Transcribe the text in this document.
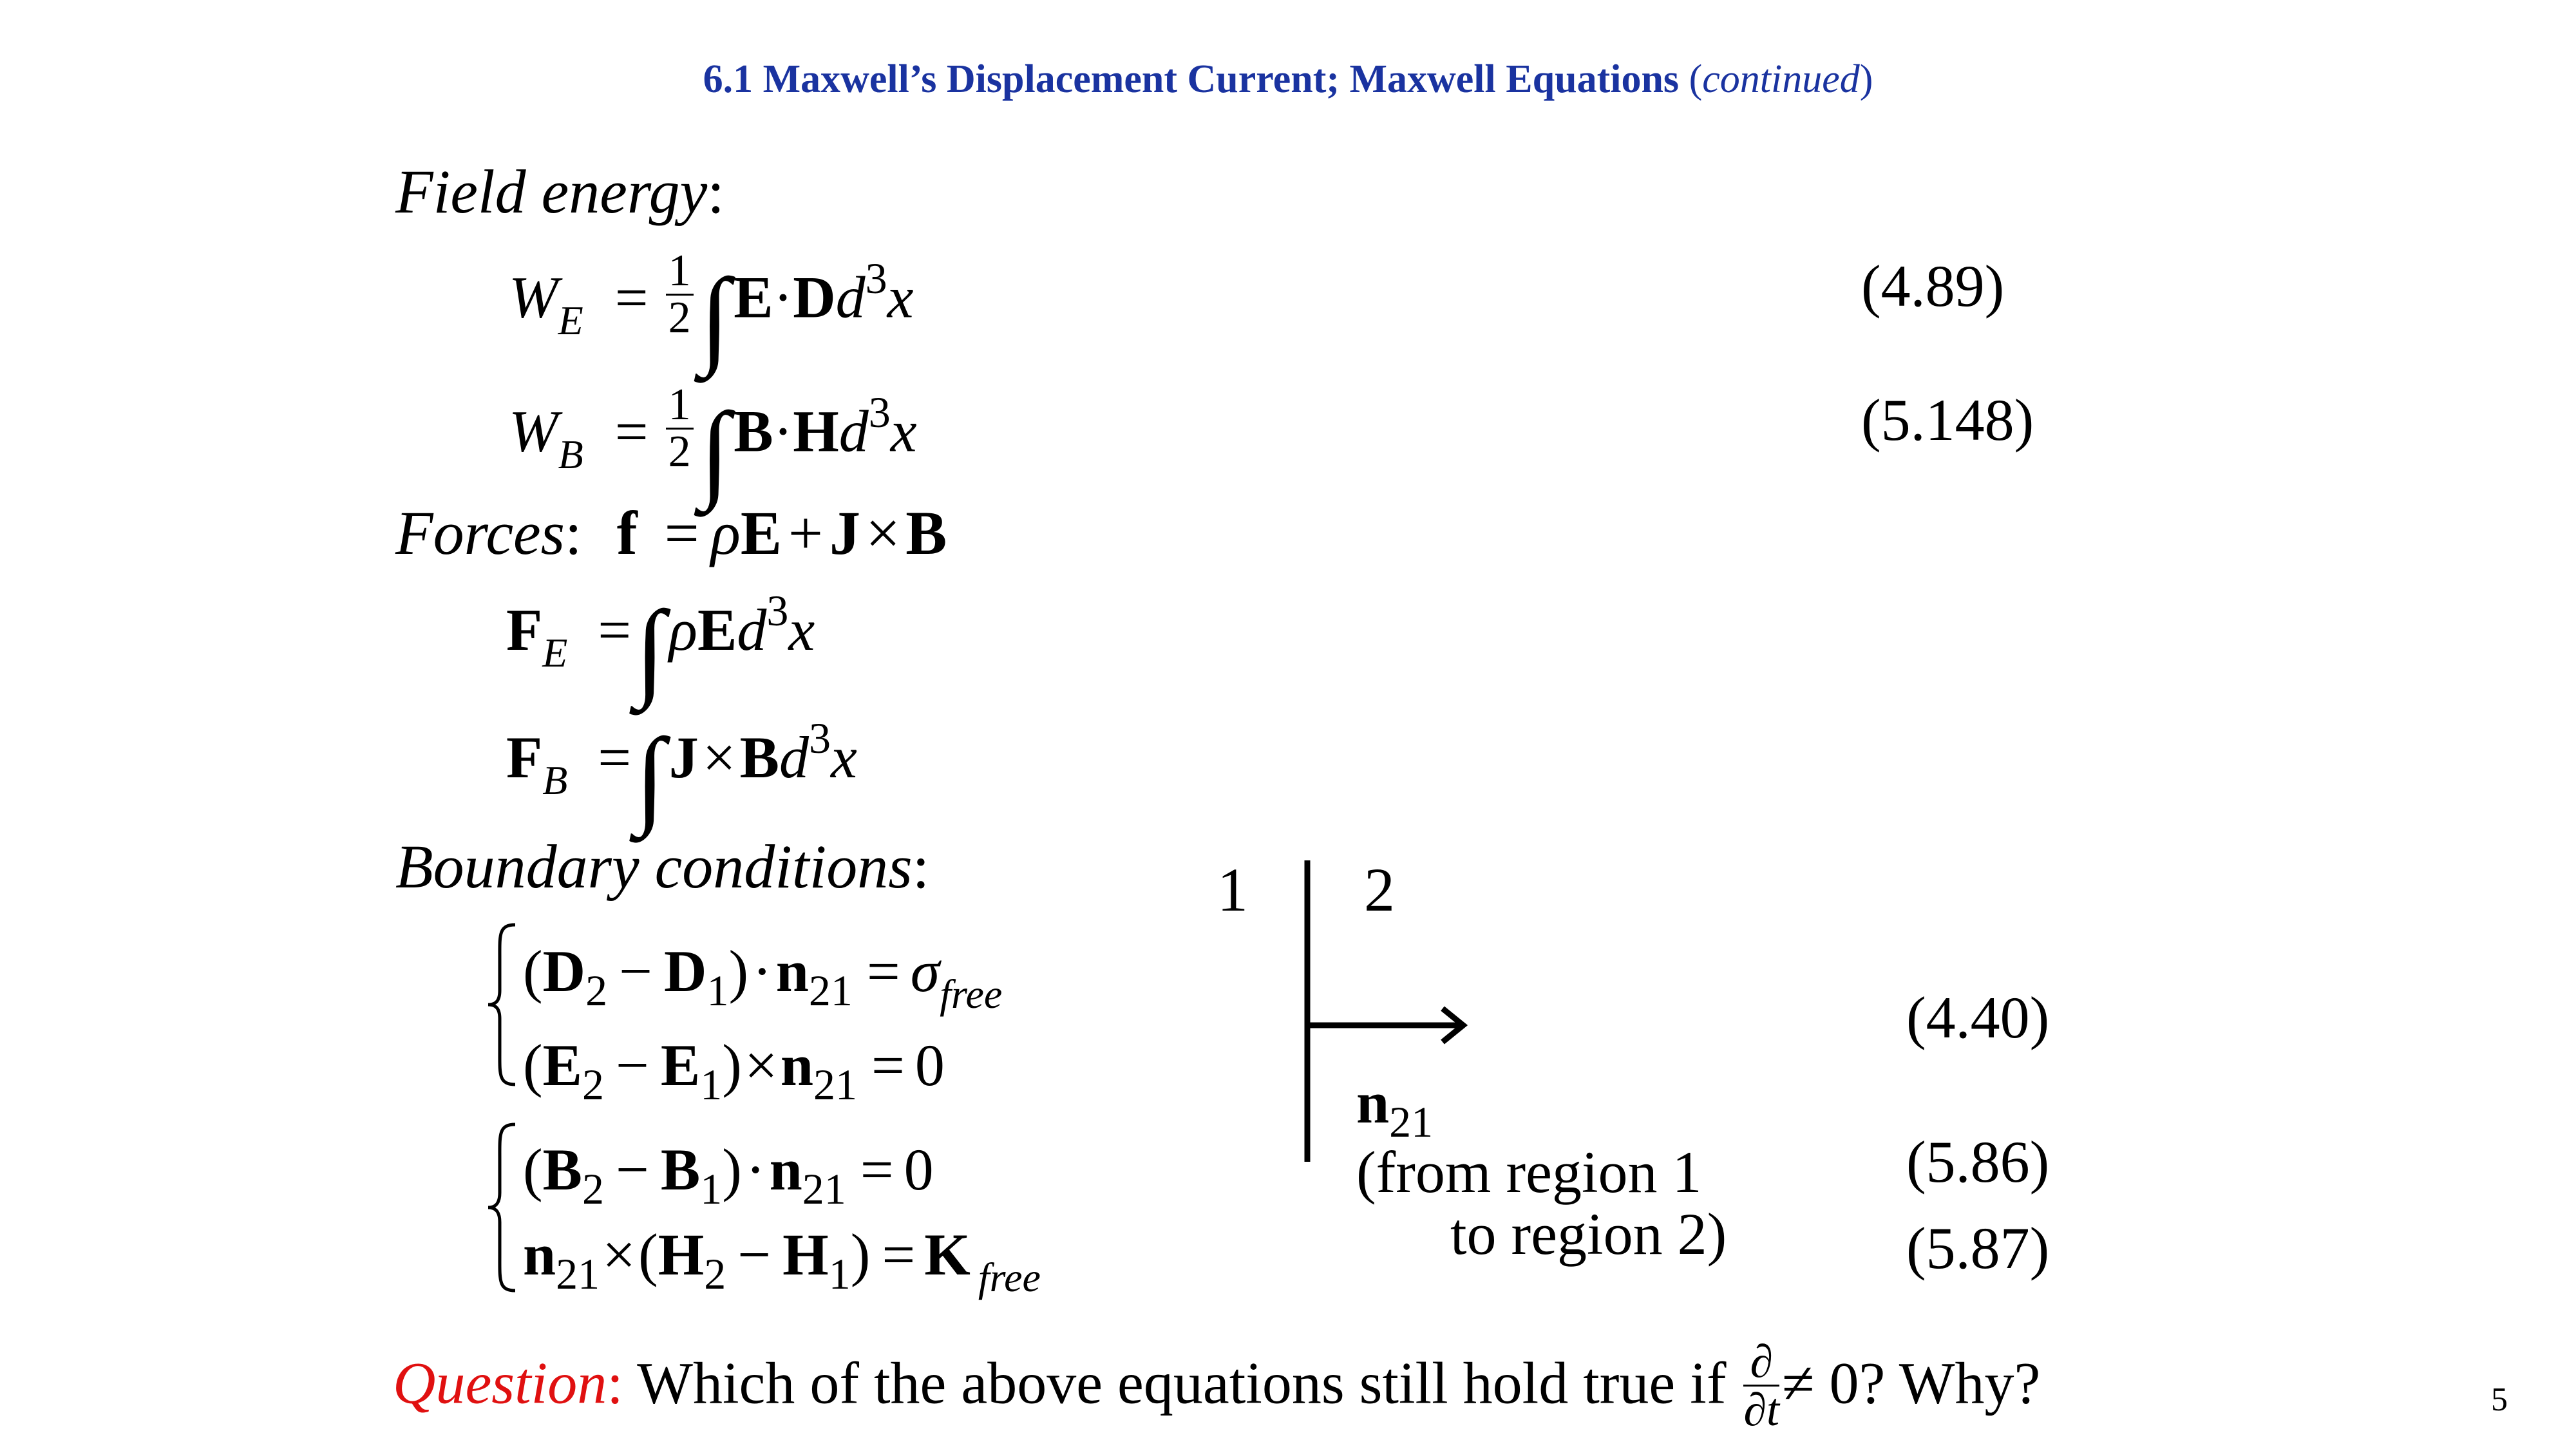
6.1 Maxwell’s Displacement Current; Maxwell Equations (continued)
Field energy:
$W_E = \frac{1}{2} \int E\cdot Dd^3x$	(4.89)
$W_B = \frac{1}{2} \int B\cdot Hd^3x$	(5.148)
Forces: f = ρE + J×B
$F_E =\int\rho Ed^3x$
$F_B =\int J\times Bd^3x$
Boundary conditions:
$(D_2 - D_1)\cdot n_{21} = \sigma_{free}$
$(E_2 - E_1)\times n_{21} = 0$
(4.40)
$(B_2 - B_1)\cdot n_{21} = 0$	(5.86)
$n_{21}\times(H_2 - H_1) = K$ $_{free}$	(5.87)
1 2
$n_{21}$
(from region 1
to region 2)
Question: Which of the above equations still hold true if $\frac{\partial}{\partial t} \ne 0$? Why?	5
